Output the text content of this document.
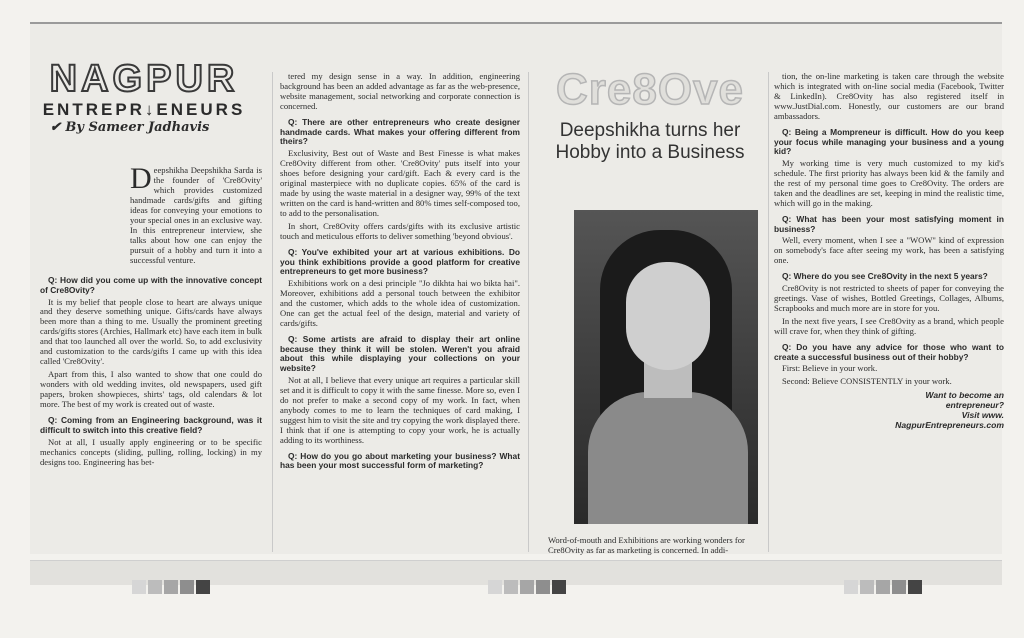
NAGPUR
ENTREPR↓ENEURS
✔ By Sameer Jadhavis
D eepshikha Deepshikha Sarda is the founder of 'Cre8Ovity' which provides customized handmade cards/gifts and gifting ideas for conveying your emotions to your special ones in an exclusive way. In this entrepreneur interview, she talks about how one can enjoy the pursuit of a hobby and turn it into a successful venture.
Q: How did you come up with the innovative concept of Cre8Ovity?

It is my belief that people close to heart are always unique and they deserve something unique. Gifts/cards have always been more than a thing to me. Usually the prominent greeting cards/gifts stores (Archies, Hallmark etc) have each item in bulk and that too launched all over the world. So, to add exclusivity and customization to the cards/gifts I came up with this idea called 'Cre8Ovity'.

Apart from this, I also wanted to show that one could do wonders with old wedding invites, old newspapers, used gift papers, broken showpieces, shirts' tags, old calendars & lot more. The best of my work is created out of waste.

Q: Coming from an Engineering background, was it difficult to switch into this creative field?

Not at all, I usually apply engineering or to be specific mechanics concepts (sliding, pulling, rolling, locking) in my designs too. Engineering has bet-

tered my design sense in a way. In addition, engineering background has been an added advantage as far as the web-presence, website management, social networking and corporate connection is concerned.

Q: There are other entrepreneurs who create designer handmade cards. What makes your offering different from theirs?

Exclusivity, Best out of Waste and Best Finesse is what makes Cre8Ovity different from other. 'Cre8Ovity' puts itself into your shoes before designing your card/gift. Each & every card is the original masterpiece with no duplicate copies. 65% of the card is made by using the waste material in a designer way, 99% of the text written on the card is hand-written and 80% times self-composed too, to add to the personalisation.

In short, Cre8Ovity offers cards/gifts with its exclusive artistic touch and meticulous efforts to deliver something 'beyond obvious'.

Q: You've exhibited your art at various exhibitions. Do you think exhibitions provide a good platform for creative entrepreneurs to get more business?

Exhibitions work on a desi principle "Jo dikhta hai wo bikta hai". Moreover, exhibitions add a personal touch between the exhibitor and the customer, which adds to the whole idea of customization. One can get the actual feel of the design, material and variety of cards/gifts.

Q: Some artists are afraid to display their art online because they think it will be stolen. Weren't you afraid about this while displaying your collections on your website?

Not at all, I believe that every unique art requires a particular skill set and it is difficult to copy it with the same finesse. More so, even I do not prefer to make a second copy of my work. In fact, when anybody comes to me to learn the techniques of card making, I suggest him to visit the site and try copying the work displayed there. I think that if one is attempting to copy your work, he is actually adding to its worthiness.

Q: How do you go about marketing your business? What has been your most successful form of marketing?
Cre8Ove
Deepshikha turns her Hobby into a Business
Word-of-mouth and Exhibitions are working wonders for Cre8Ovity as far as marketing is concerned. In addi-

tion, the on-line marketing is taken care through the website which is integrated with on-line social media (Facebook, Twitter & LinkedIn). Cre8Ovity has also registered itself in www.JustDial.com. Honestly, our customers are our brand ambassadors.

Q: Being a Mompreneur is difficult. How do you keep your focus while managing your business and a young kid?

My working time is very much customized to my kid's schedule. The first priority has always been kid & the family and the rest of my personal time goes to Cre8Ovity. The orders are taken and the deadlines are set, keeping in mind the realistic time, which will go in the making.

Q: What has been your most satisfying moment in business?

Well, every moment, when I see a "WOW" kind of expression on somebody's face after seeing my work, has been a satisfying one.

Q: Where do you see Cre8Ovity in the next 5 years?

Cre8Ovity is not restricted to sheets of paper for conveying the greetings. Vase of wishes, Bottled Greetings, Collages, Albums, Scrapbooks and much more are in store for you.

In the next five years, I see Cre8Ovity as a brand, which people will crave for, when they think of gifting.

Q: Do you have any advice for those who want to create a successful business out of their hobby?

First: Believe in your work.

Second: Believe CONSISTENTLY in your work.

Want to become an
entrepreneur?
Visit www.
NagpurEntrepreneurs.com
